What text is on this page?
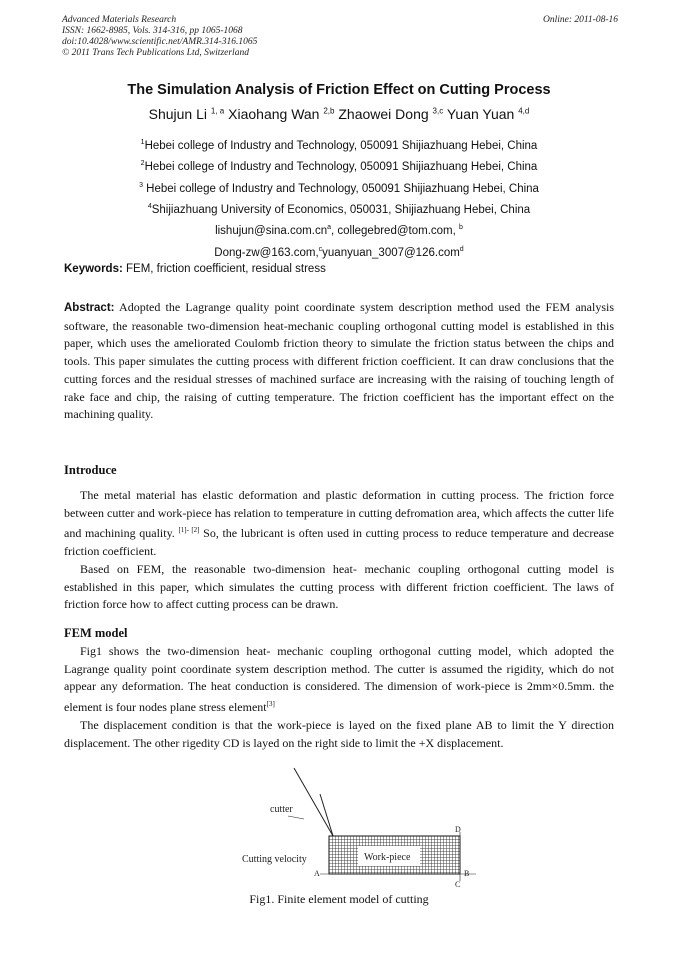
Advanced Materials Research
ISSN: 1662-8985, Vols. 314-316, pp 1065-1068
doi:10.4028/www.scientific.net/AMR.314-316.1065
© 2011 Trans Tech Publications Ltd, Switzerland
Online: 2011-08-16
The Simulation Analysis of Friction Effect on Cutting Process
Shujun Li $^{1, a}$ Xiaohang Wan $^{2,b}$ Zhaowei Dong $^{3,c}$ Yuan Yuan $^{4,d}$
$^1$Hebei college of Industry and Technology, 050091 Shijiazhuang Hebei, China
$^2$Hebei college of Industry and Technology, 050091 Shijiazhuang Hebei, China
$^3$ Hebei college of Industry and Technology, 050091 Shijiazhuang Hebei, China
$^4$Shijiazhuang University of Economics, 050031, Shijiazhuang Hebei, China
$lishujun@\sin a.com.cn^a$, collegebred@tom.com, $^b$
Dong-zw@163.com,$^c$yuanyuan_3007@126.com$^d$
Keywords: FEM, friction coefficient, residual stress
Abstract: Adopted the Lagrange quality point coordinate system description method used the FEM analysis software, the reasonable two-dimension heat-mechanic coupling orthogonal cutting model is established in this paper, which uses the ameliorated Coulomb friction theory to simulate the friction status between the chips and tools. This paper simulates the cutting process with different friction coefficient. It can draw conclusions that the cutting forces and the residual stresses of machined surface are increasing with the raising of touching length of rake face and chip, the raising of cutting temperature. The friction coefficient has the important effect on the machining quality.
Introduce
The metal material has elastic deformation and plastic deformation in cutting process. The friction force between cutter and work-piece has relation to temperature in cutting defromation area, which affects the cutter life and machining quality. [1]- [2] So, the lubricant is often used in cutting process to reduce temperature and decrease friction coefficient.
Based on FEM, the reasonable two-dimension heat- mechanic coupling orthogonal cutting model is established in this paper, which simulates the cutting process with different friction coefficient. The laws of friction force how to affect cutting process can be drawn.
FEM model
Fig1 shows the two-dimension heat- mechanic coupling orthogonal cutting model, which adopted the Lagrange quality point coordinate system description method. The cutter is assumed the rigidity, which do not appear any deformation. The heat conduction is considered. The dimension of work-piece is 2mm×0.5mm. the element is four nodes plane stress element[3]
The displacement condition is that the work-piece is layed on the fixed plane AB to limit the Y direction displacement. The other rigedity CD is layed on the right side to limit the +X displacement.
cutter
Work-piece
Cutting velocity
A	B
C
D
Fig1. Finite element model of cutting
